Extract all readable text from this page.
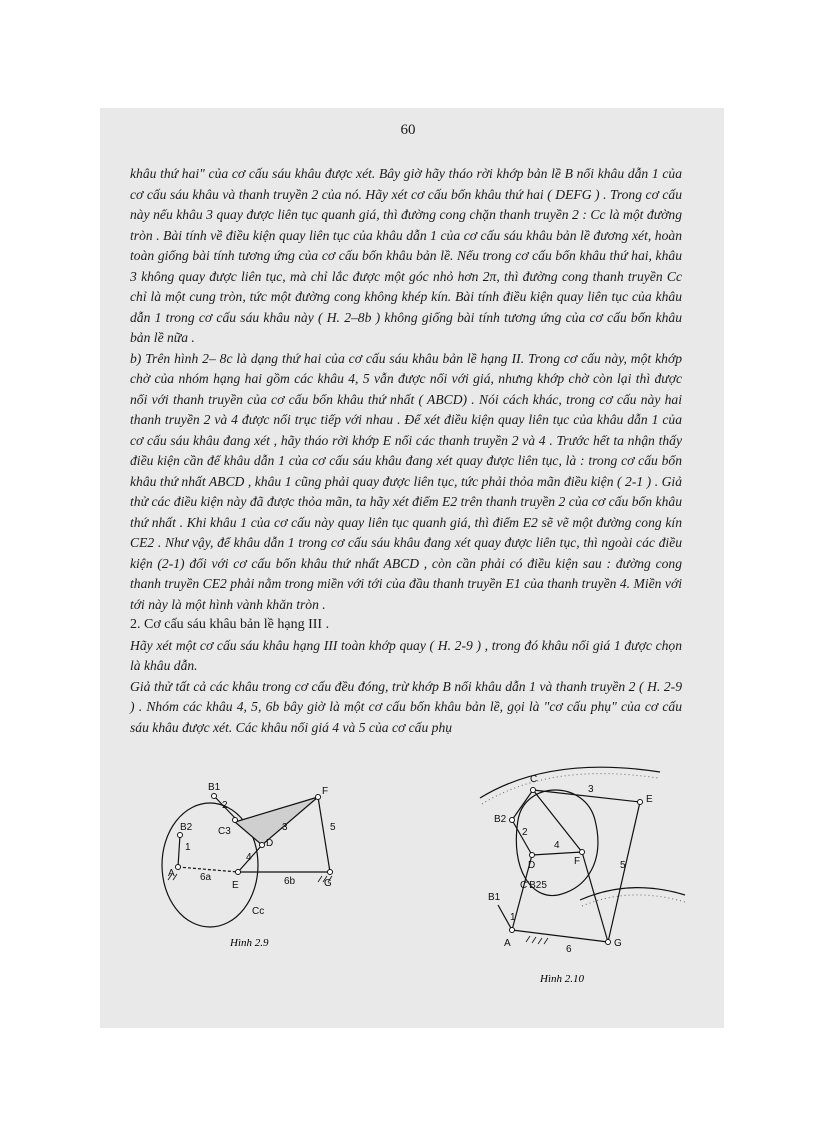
60

khâu thứ hai" của cơ cấu sáu khâu được xét. Bây giờ hãy tháo rời khớp bản lề B nối khâu dẫn 1 của cơ cấu sáu khâu và thanh truyền 2 của nó. Hãy xét cơ cấu bốn khâu thứ hai ( DEFG ) . Trong cơ cấu này nếu khâu 3 quay được liên tục quanh giá, thì đường cong chặn thanh truyền 2 : Cc là một đường tròn . Bài tính về điều kiện quay liên tục của khâu dẫn 1 của cơ cấu sáu khâu bản lề đương xét, hoàn toàn giống bài tính tương ứng của cơ cấu bốn khâu bản lề. Nếu trong cơ cấu bốn khâu thứ hai, khâu 3 không quay được liên tục, mà chỉ lắc được một góc nhỏ hơn 2π, thì đường cong thanh truyền Cc chỉ là một cung tròn, tức một đường cong không khép kín. Bài tính điều kiện quay liên tục của khâu dẫn 1 trong cơ cấu sáu khâu này ( H. 2–8b ) không giống bài tính tương ứng của cơ cấu bốn khâu bản lề nữa .

b) Trên hình 2– 8c là dạng thứ hai của cơ cấu sáu khâu bản lề hạng II. Trong cơ cấu này, một khớp chờ của nhóm hạng hai gồm các khâu 4, 5 vẫn được nối với giá, nhưng khớp chờ còn lại thì được nối với thanh truyền của cơ cấu bốn khâu thứ nhất ( ABCD) . Nói cách khác, trong cơ cấu này hai thanh truyền 2 và 4 được nối trục tiếp với nhau . Để xét điều kiện quay liên tục của khâu dẫn 1 của cơ cấu sáu khâu đang xét , hãy tháo rời khớp E nối các thanh truyền 2 và 4 . Trước hết ta nhận thấy điều kiện cần để khâu dẫn 1 của cơ cấu sáu khâu đang xét quay được liên tục, là : trong cơ cấu bốn khâu thứ nhất ABCD , khâu 1 cũng phải quay được liên tục, tức phải thỏa mãn điều kiện ( 2-1 ) . Giả thử các điều kiện này đã được thỏa mãn, ta hãy xét điểm E2 trên thanh truyền 2 của cơ cấu bốn khâu thứ nhất . Khi khâu 1 của cơ cấu này quay liên tục quanh giá, thì điểm E2 sẽ vẽ một đường cong kín CE2 . Như vậy, để khâu dẫn 1 trong cơ cấu sáu khâu đang xét quay được liên tục, thì ngoài các điều kiện (2-1) đối với cơ cấu bốn khâu thứ nhất ABCD , còn cần phải có điều kiện sau : đường cong thanh truyền CE2 phải nằm trong miền với tới của đầu thanh truyền E1 của thanh truyền 4. Miền với tới này là một hình vành khăn tròn .

2. Cơ cấu sáu khâu bản lề hạng III .

Hãy xét một cơ cấu sáu khâu hạng III toàn khớp quay ( H. 2-9 ) , trong đó khâu nối giá 1 được chọn là khâu dẫn.

Giả thử tất cả các khâu trong cơ cấu đều đóng, trừ khớp B nối khâu dẫn 1 và thanh truyền 2 ( H. 2-9 ) . Nhóm các khâu 4, 5, 6b bây giờ là một cơ cấu bốn khâu bản lề, gọi là "cơ cấu phụ" của cơ cấu sáu khâu được xét. Các khâu nối giá 4 và 5 của cơ cấu phụ

B1
2
B2
1
C3	3
F
D
5
4
A	6a
E	6b	G
Cc
Hình 2.9
C
3
E
B2
2
4
D	F	5
C'B25
B1
1
A
6
G
Hình 2.10
